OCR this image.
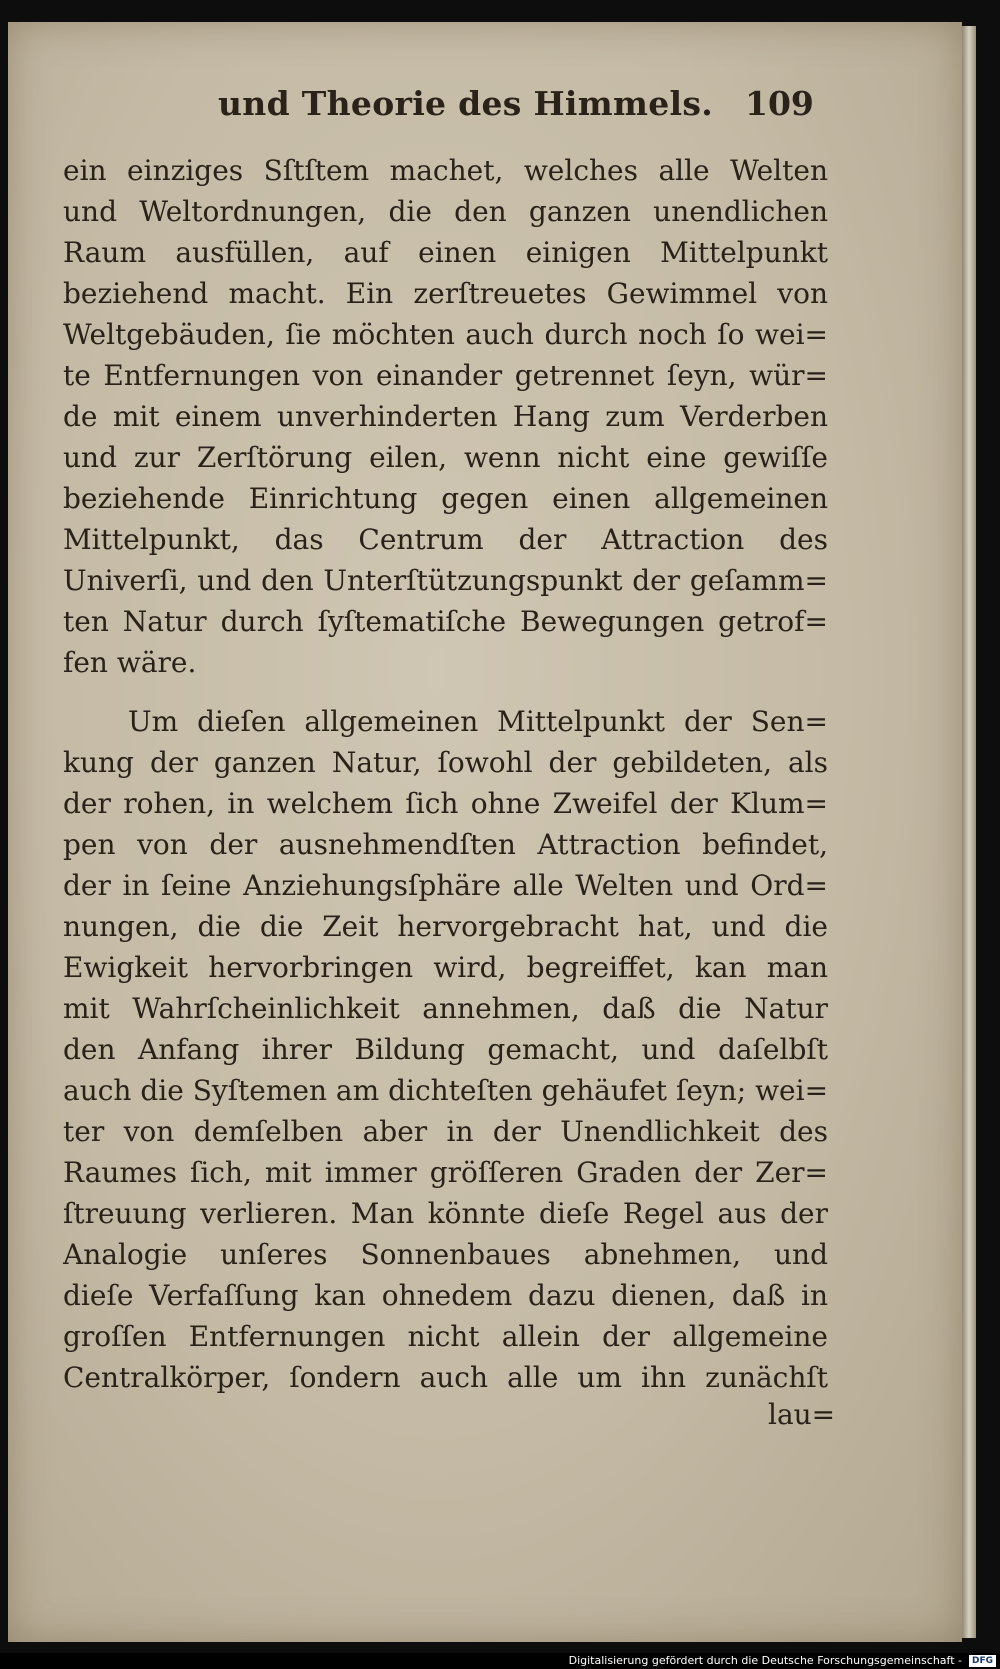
und Theorie des Himmels. 109
ein einziges Sſtſtem machet, welches alle Welten
und Weltordnungen, die den ganzen unendlichen
Raum ausfüllen, auf einen einigen Mittelpunkt
beziehend macht. Ein zerſtreuetes Gewimmel von
Weltgebäuden, ſie möchten auch durch noch ſo wei=
te Entfernungen von einander getrennet ſeyn, wür=
de mit einem unverhinderten Hang zum Verderben
und zur Zerſtörung eilen, wenn nicht eine gewiſſe
beziehende Einrichtung gegen einen allgemeinen
Mittelpunkt, das Centrum der Attraction des
Univerſi, und den Unterſtützungspunkt der geſamm=
ten Natur durch ſyſtematiſche Bewegungen getrof=
fen wäre.
Um dieſen allgemeinen Mittelpunkt der Sen=
kung der ganzen Natur, ſowohl der gebildeten, als
der rohen, in welchem ſich ohne Zweifel der Klum=
pen von der ausnehmendſten Attraction befindet,
der in ſeine Anziehungsſphäre alle Welten und Ord=
nungen, die die Zeit hervorgebracht hat, und die
Ewigkeit hervorbringen wird, begreiffet, kan man
mit Wahrſcheinlichkeit annehmen, daß die Natur
den Anfang ihrer Bildung gemacht, und daſelbſt
auch die Syſtemen am dichteſten gehäufet ſeyn; wei=
ter von demſelben aber in der Unendlichkeit des
Raumes ſich, mit immer gröſſeren Graden der Zer=
ſtreuung verlieren. Man könnte dieſe Regel aus der
Analogie unſeres Sonnenbaues abnehmen, und
dieſe Verfaſſung kan ohnedem dazu dienen, daß in
groſſen Entfernungen nicht allein der allgemeine
Centralkörper, ſondern auch alle um ihn zunächſt
lau=
Digitalisierung gefördert durch die Deutsche Forschungsgemeinschaft -	DFG
